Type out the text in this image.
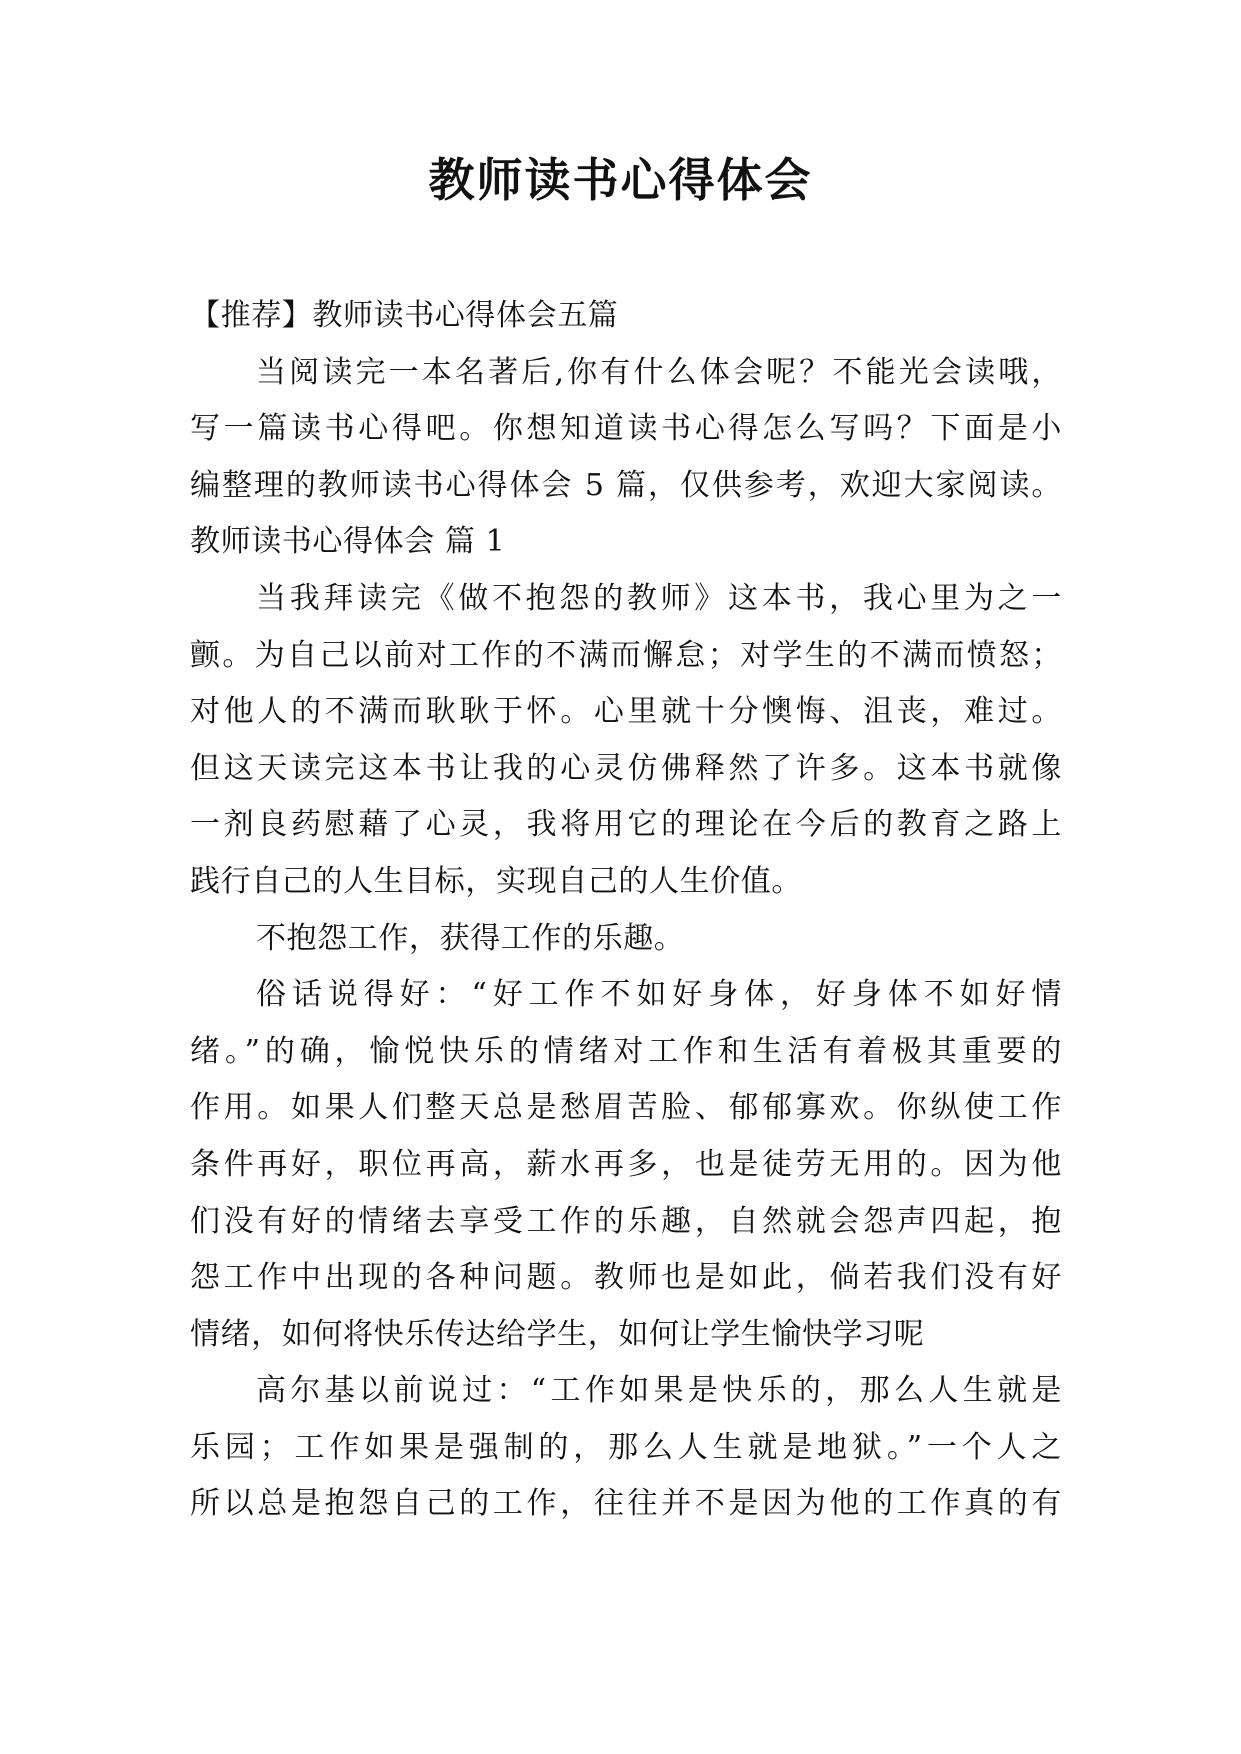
教师读书心得体会
【推荐】教师读书心得体会五篇
当阅读完一本名著后,你有什么体会呢？不能光会读哦，
写一篇读书心得吧。你想知道读书心得怎么写吗？下面是小
编整理的教师读书心得体会 5 篇，仅供参考，欢迎大家阅读。
教师读书心得体会 篇 1
当我拜读完《做不抱怨的教师》这本书，我心里为之一
颤。为自己以前对工作的不满而懈怠；对学生的不满而愤怒；
对他人的不满而耿耿于怀。心里就十分懊悔、沮丧，难过。
但这天读完这本书让我的心灵仿佛释然了许多。这本书就像
一剂良药慰藉了心灵，我将用它的理论在今后的教育之路上
践行自己的人生目标，实现自己的人生价值。
不抱怨工作，获得工作的乐趣。
俗话说得好：“好工作不如好身体，好身体不如好情
绪。”的确，愉悦快乐的情绪对工作和生活有着极其重要的
作用。如果人们整天总是愁眉苦脸、郁郁寡欢。你纵使工作
条件再好，职位再高，薪水再多，也是徒劳无用的。因为他
们没有好的情绪去享受工作的乐趣，自然就会怨声四起，抱
怨工作中出现的各种问题。教师也是如此，倘若我们没有好
情绪，如何将快乐传达给学生，如何让学生愉快学习呢
高尔基以前说过：“工作如果是快乐的，那么人生就是
乐园；工作如果是强制的，那么人生就是地狱。”一个人之
所以总是抱怨自己的工作，往往并不是因为他的工作真的有
